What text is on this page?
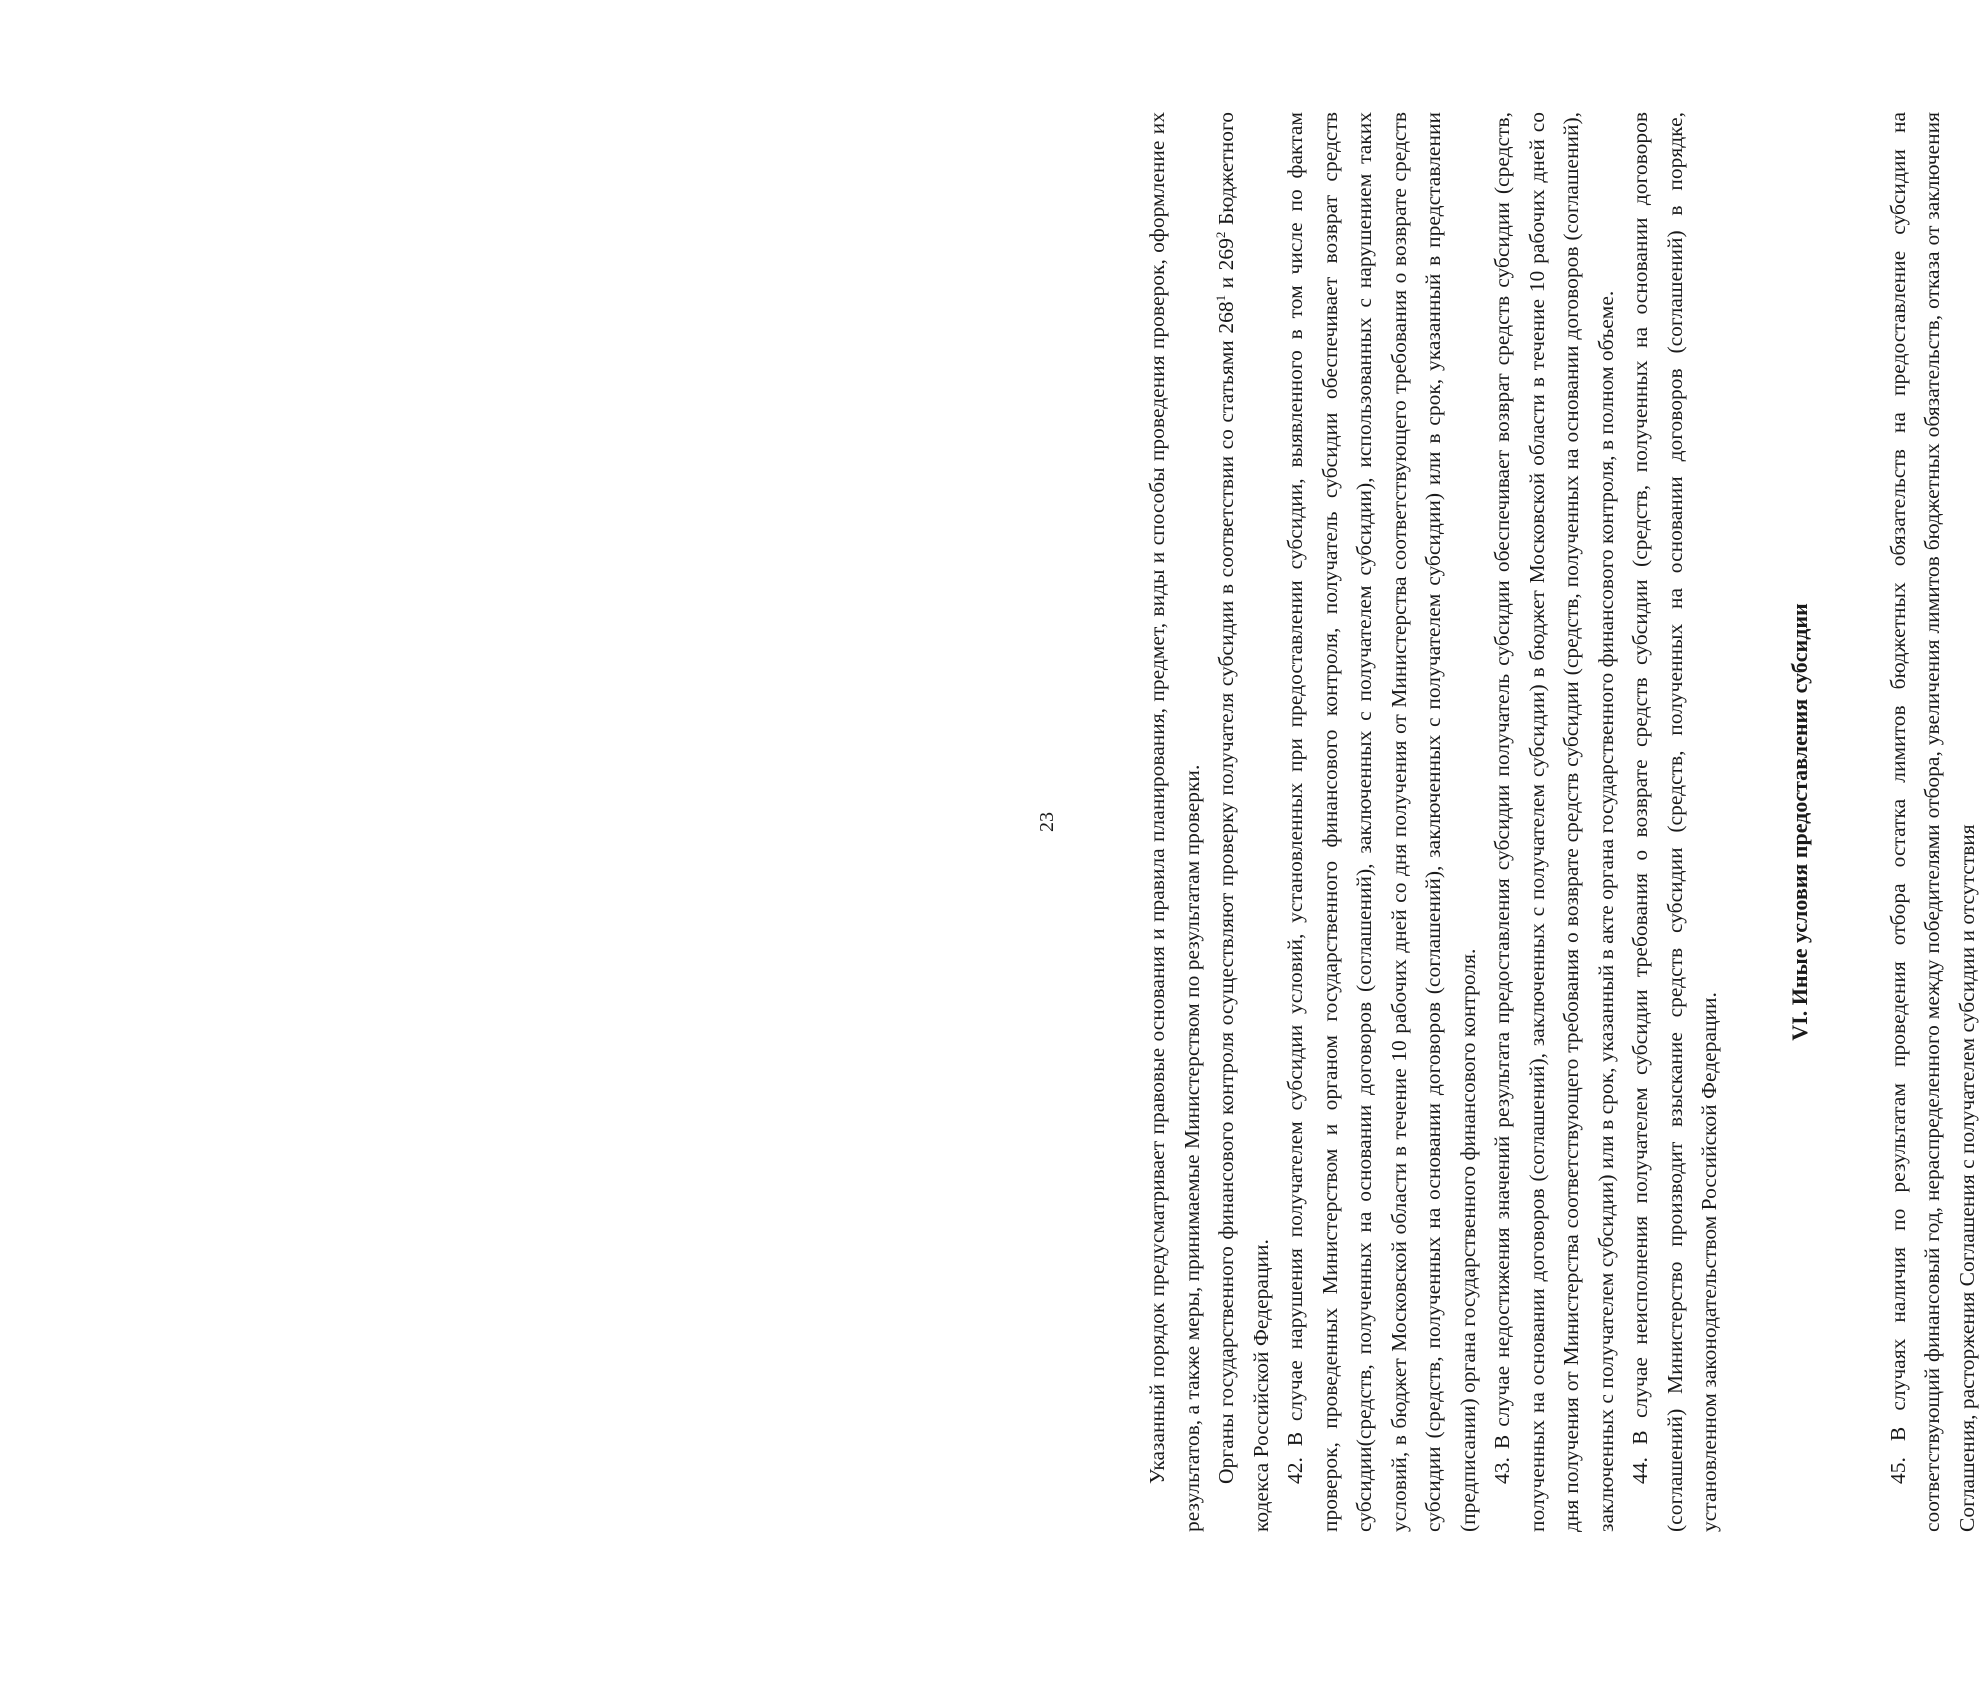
23	Указанный порядок предусматривает правовые основания и правила планирования, предмет, виды и способы проведения проверок, оформление их результатов, а также меры, принимаемые Министерством по результатам проверки. Органы государственного финансового контроля осуществляют проверку получателя субсидии в соответствии со статьями $268^1$ и $269^2$ Бюджетного кодекса Российской Федерации. 42. В случае нарушения получателем субсидии условий, установленных при предоставлении субсидии, выявленного в том числе по фактам проверок, проведенных Министерством и органом государственного финансового контроля, получатель субсидии обеспечивает возврат средств субсидии(средств, полученных на основании договоров (соглашений), заключенных с получателем субсидии), использованных с нарушением таких условий, в бюджет Московской области в течение 10 рабочих дней со дня получения от Министерства соответствующего требования о возврате средств субсидии (средств, полученных на основании договоров (соглашений), заключенных с получателем субсидии) или в срок, указанный в представлении (предписании) органа государственного финансового контроля. 43. В случае недостижения значений результата предоставления субсидии получатель субсидии обеспечивает возврат средств субсидии (средств, полученных на основании договоров (соглашений), заключенных с получателем субсидии) в бюджет Московской области в течение 10 рабочих дней со дня получения от Министерства соответствующего требования о возврате средств субсидии (средств, полученных на основании договоров (соглашений), заключенных с получателем субсидии) или в срок, указанный в акте органа государственного финансового контроля, в полном объеме. 44. В случае неисполнения получателем субсидии требования о возврате средств субсидии (средств, полученных на основании договоров (соглашений) Министерство производит взыскание средств субсидии (средств, полученных на основании договоров (соглашений) в порядке, установленном законодательством Российской Федерации.

VI. Иные условия предоставления субсидии	45. В случаях наличия по результатам проведения отбора остатка лимитов бюджетных обязательств на предоставление субсидии на соответствующий финансовый год, нераспределенного между победителями отбора, увеличения лимитов бюджетных обязательств, отказа от заключения Соглашения, расторжения Соглашения с получателем субсидии и отсутствия
